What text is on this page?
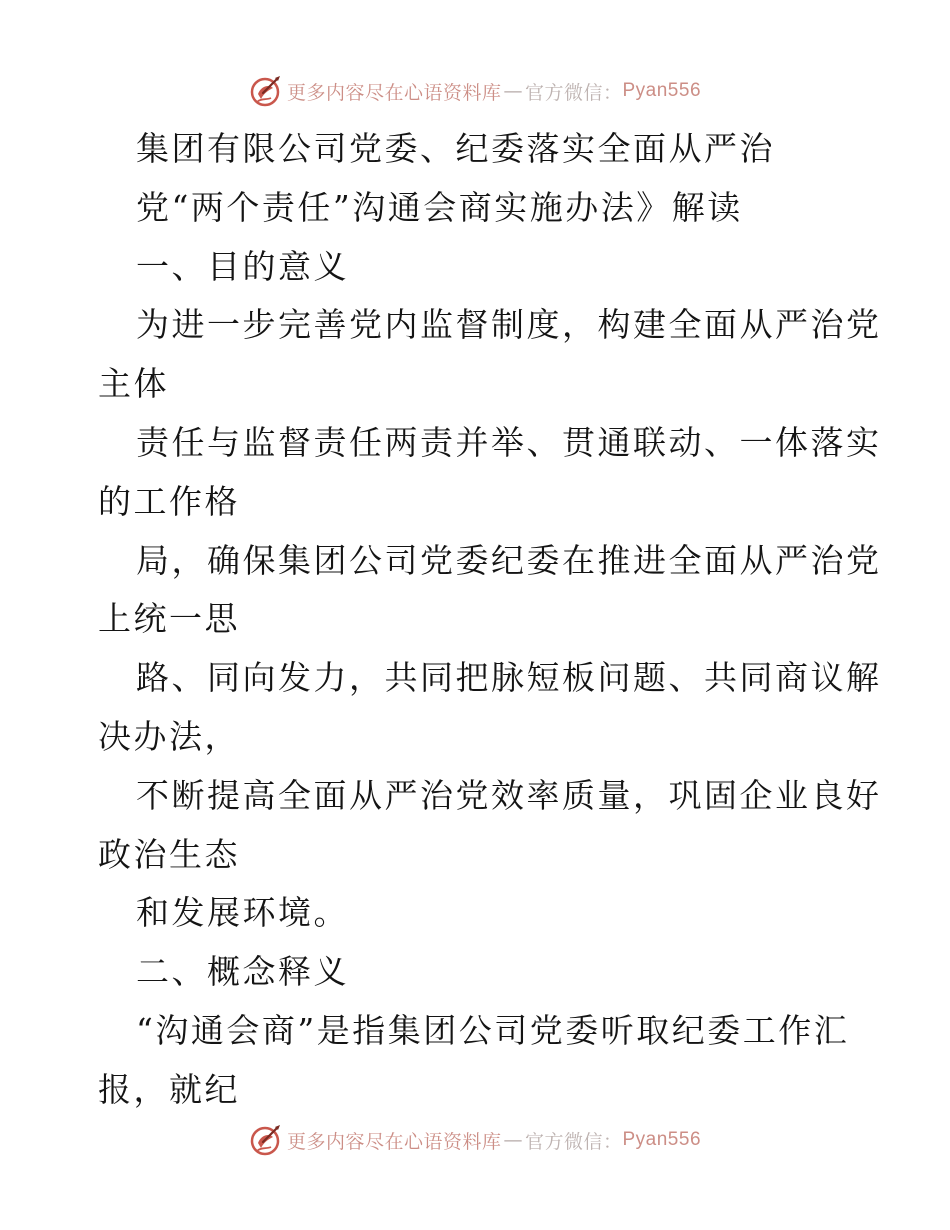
更多内容尽在心语资料库 — 官方微信： Pyan556
集团有限公司党委、纪委落实全面从严治
党“两个责任”沟通会商实施办法》解读
一、目的意义
为进一步完善党内监督制度，构建全面从严治党
主体
责任与监督责任两责并举、贯通联动、一体落实
的工作格
局，确保集团公司党委纪委在推进全面从严治党
上统一思
路、同向发力，共同把脉短板问题、共同商议解
决办法，
不断提高全面从严治党效率质量，巩固企业良好
政治生态
和发展环境。
二、概念释义
“沟通会商”是指集团公司党委听取纪委工作汇
报，就纪
更多内容尽在心语资料库 — 官方微信： Pyan556
